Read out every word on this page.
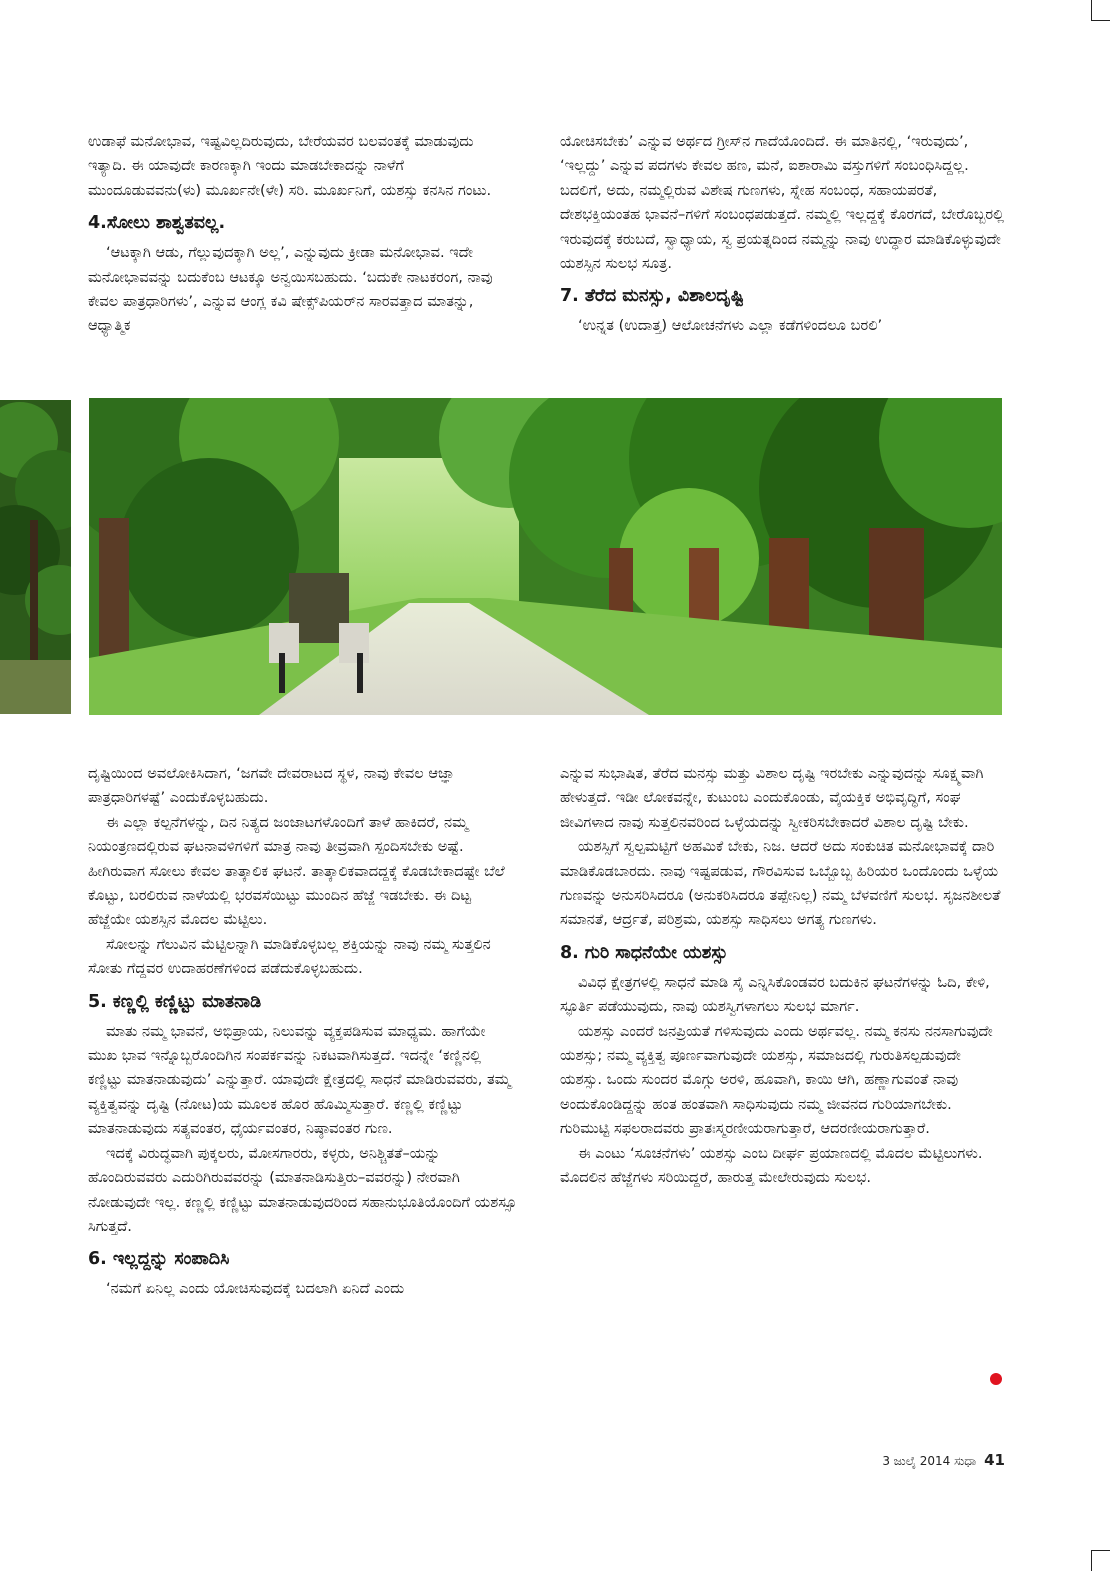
ಉಡಾಫೆ ಮನೋಭಾವ, ಇಷ್ಟವಿಲ್ಲದಿರುವುದು, ಬೇರೆಯವರ ಬಲವಂತಕ್ಕೆ ಮಾಡುವುದು ಇತ್ಯಾದಿ. ಈ ಯಾವುದೇ ಕಾರಣಕ್ಕಾಗಿ ಇಂದು ಮಾಡಬೇಕಾದನ್ನು ನಾಳೆಗೆ ಮುಂದೂಡುವವನು(ಳು) ಮೂರ್ಖನೇ(ಳೇ) ಸರಿ. ಮೂರ್ಖನಿಗೆ, ಯಶಸ್ಸು ಕನಸಿನ ಗಂಟು.

4.ಸೋಲು ಶಾಶ್ವತವಲ್ಲ.

‘ಆಟಕ್ಕಾಗಿ ಆಡು, ಗೆಲ್ಲುವುದಕ್ಕಾಗಿ ಅಲ್ಲ’, ಎನ್ನುವುದು ಕ್ರೀಡಾ ಮನೋಭಾವ. ಇದೇ ಮನೋಭಾವವನ್ನು ಬದುಕೆಂಬ ಆಟಕ್ಕೂ ಅನ್ವಯಿಸಬಹುದು. ‘ಬದುಕೇ ನಾಟಕರಂಗ, ನಾವು ಕೇವಲ ಪಾತ್ರಧಾರಿಗಳು’, ಎನ್ನುವ ಆಂಗ್ಲ ಕವಿ ಷೇಕ್ಸ್‌ಪಿಯರ್‌ನ ಸಾರವತ್ತಾದ ಮಾತನ್ನು, ಆಧ್ಯಾತ್ಮಿಕ

ಯೋಚಿಸಬೇಕು’ ಎನ್ನುವ ಅರ್ಥದ ಗ್ರೀಸ್‌ನ ಗಾದೆಯೊಂದಿದೆ. ಈ ಮಾತಿನಲ್ಲಿ, ‘ಇರುವುದು’, ‘ಇಲ್ಲದ್ದು’ ಎನ್ನುವ ಪದಗಳು ಕೇವಲ ಹಣ, ಮನೆ, ಐಶಾರಾಮಿ ವಸ್ತುಗಳಿಗೆ ಸಂಬಂಧಿಸಿದ್ದಲ್ಲ. ಬದಲಿಗೆ, ಅದು, ನಮ್ಮಲ್ಲಿರುವ ವಿಶೇಷ ಗುಣಗಳು, ಸ್ನೇಹ ಸಂಬಂಧ, ಸಹಾಯಪರತೆ, ದೇಶಭಕ್ತಿಯಂತಹ ಭಾವನೆ–ಗಳಿಗೆ ಸಂಬಂಧಪಡುತ್ತದೆ. ನಮ್ಮಲ್ಲಿ ಇಲ್ಲದ್ದಕ್ಕೆ ಕೊರಗದೆ, ಬೇರೊಬ್ಬರಲ್ಲಿ ಇರುವುದಕ್ಕೆ ಕರುಬದೆ, ಸ್ವಾಧ್ಯಾಯ, ಸ್ವ ಪ್ರಯತ್ನದಿಂದ ನಮ್ಮನ್ನು ನಾವು ಉದ್ಧಾರ ಮಾಡಿಕೊಳ್ಳುವುದೇ ಯಶಸ್ಸಿನ ಸುಲಭ ಸೂತ್ರ.

7. ತೆರೆದ ಮನಸ್ಸು, ವಿಶಾಲದೃಷ್ಟಿ

‘ಉನ್ನತ (ಉದಾತ್ತ) ಆಲೋಚನೆಗಳು ಎಲ್ಲಾ ಕಡೆಗಳಿಂದಲೂ ಬರಲಿ’

ದೃಷ್ಟಿಯಿಂದ ಅವಲೋಕಿಸಿದಾಗ, ‘ಜಗವೇ ದೇವರಾಟದ ಸ್ಥಳ, ನಾವು ಕೇವಲ ಆಜ್ಞಾ ಪಾತ್ರಧಾರಿಗಳಷ್ಟೆ’ ಎಂದುಕೊಳ್ಳಬಹುದು.

ಈ ಎಲ್ಲಾ ಕಲ್ಪನೆಗಳನ್ನು, ದಿನ ನಿತ್ಯದ ಜಂಜಾಟಗಳೊಂದಿಗೆ ತಾಳೆ ಹಾಕಿದರೆ, ನಮ್ಮ ನಿಯಂತ್ರಣದಲ್ಲಿರುವ ಘಟನಾವಳಿಗಳಿಗೆ ಮಾತ್ರ ನಾವು ತೀವ್ರವಾಗಿ ಸ್ಪಂದಿಸಬೇಕು ಅಷ್ಟೆ. ಹೀಗಿರುವಾಗ ಸೋಲು ಕೇವಲ ತಾತ್ಕಾಲಿಕ ಘಟನೆ. ತಾತ್ಕಾಲಿಕವಾದದ್ದಕ್ಕೆ ಕೊಡಬೇಕಾದಷ್ಟೇ ಬೆಲೆ ಕೊಟ್ಟು, ಬರಲಿರುವ ನಾಳೆಯಲ್ಲಿ ಭರವಸೆಯಿಟ್ಟು ಮುಂದಿನ ಹೆಜ್ಜೆ ಇಡಬೇಕು. ಈ ದಿಟ್ಟ ಹೆಜ್ಜೆಯೇ ಯಶಸ್ಸಿನ ಮೊದಲ ಮೆಟ್ಟಿಲು.

ಸೋಲನ್ನು ಗೆಲುವಿನ ಮೆಟ್ಟಿಲನ್ನಾಗಿ ಮಾಡಿಕೊಳ್ಳಬಲ್ಲ ಶಕ್ತಿಯನ್ನು ನಾವು ನಮ್ಮ ಸುತ್ತಲಿನ ಸೋತು ಗೆದ್ದವರ ಉದಾಹರಣೆಗಳಿಂದ ಪಡೆದುಕೊಳ್ಳಬಹುದು.

5. ಕಣ್ಣಲ್ಲಿ ಕಣ್ಣಿಟ್ಟು ಮಾತನಾಡಿ

ಮಾತು ನಮ್ಮ ಭಾವನೆ, ಅಭಿಪ್ರಾಯ, ನಿಲುವನ್ನು ವ್ಯಕ್ತಪಡಿಸುವ ಮಾಧ್ಯಮ. ಹಾಗೆಯೇ ಮುಖ ಭಾವ ಇನ್ನೊಬ್ಬರೊಂದಿಗಿನ ಸಂಪರ್ಕವನ್ನು ನಿಕಟವಾಗಿಸುತ್ತದೆ. ಇದನ್ನೇ ‘ಕಣ್ಣಿನಲ್ಲಿ ಕಣ್ಣಿಟ್ಟು ಮಾತನಾಡುವುದು’ ಎನ್ನುತ್ತಾರೆ. ಯಾವುದೇ ಕ್ಷೇತ್ರದಲ್ಲಿ ಸಾಧನೆ ಮಾಡಿರುವವರು, ತಮ್ಮ ವ್ಯಕ್ತಿತ್ವವನ್ನು ದೃಷ್ಟಿ (ನೋಟ)ಯ ಮೂಲಕ ಹೊರ ಹೊಮ್ಮಿಸುತ್ತಾರೆ. ಕಣ್ಣಲ್ಲಿ ಕಣ್ಣಿಟ್ಟು ಮಾತನಾಡುವುದು ಸತ್ಯವಂತರ, ಧೈರ್ಯವಂತರ, ನಿಷ್ಠಾವಂತರ ಗುಣ.

ಇದಕ್ಕೆ ವಿರುದ್ಧವಾಗಿ ಪುಕ್ಕಲರು, ಮೋಸಗಾರರು, ಕಳ್ಳರು, ಅನಿಶ್ಚಿತತೆ–ಯನ್ನು ಹೊಂದಿರುವವರು ಎದುರಿಗಿರುವವರನ್ನು (ಮಾತನಾಡಿಸುತ್ತಿರು–ವವರನ್ನು) ನೇರವಾಗಿ ನೋಡುವುದೇ ಇಲ್ಲ. ಕಣ್ಣಲ್ಲಿ ಕಣ್ಣಿಟ್ಟು ಮಾತನಾಡುವುದರಿಂದ ಸಹಾನುಭೂತಿಯೊಂದಿಗೆ ಯಶಸ್ಸೂ ಸಿಗುತ್ತದೆ.

6. ಇಲ್ಲದ್ದನ್ನು ಸಂಪಾದಿಸಿ

‘ನಮಗೆ ಏನಿಲ್ಲ ಎಂದು ಯೋಚಿಸುವುದಕ್ಕೆ ಬದಲಾಗಿ ಏನಿದೆ ಎಂದು

ಎನ್ನುವ ಸುಭಾಷಿತ, ತೆರೆದ ಮನಸ್ಸು ಮತ್ತು ವಿಶಾಲ ದೃಷ್ಟಿ ಇರಬೇಕು ಎನ್ನುವುದನ್ನು ಸೂಕ್ಷ್ಮವಾಗಿ ಹೇಳುತ್ತದೆ. ಇಡೀ ಲೋಕವನ್ನೇ, ಕುಟುಂಬ ಎಂದುಕೊಂಡು, ವೈಯಕ್ತಿಕ ಅಭಿವೃದ್ಧಿಗೆ, ಸಂಘ ಜೀವಿಗಳಾದ ನಾವು ಸುತ್ತಲಿನವರಿಂದ ಒಳ್ಳೆಯದನ್ನು ಸ್ವೀಕರಿಸಬೇಕಾದರೆ ವಿಶಾಲ ದೃಷ್ಟಿ ಬೇಕು.

ಯಶಸ್ಸಿಗೆ ಸ್ವಲ್ಪಮಟ್ಟಿಗೆ ಅಹಮಿಕೆ ಬೇಕು, ನಿಜ. ಆದರೆ ಅದು ಸಂಕುಚಿತ ಮನೋಭಾವಕ್ಕೆ ದಾರಿ ಮಾಡಿಕೊಡಬಾರದು. ನಾವು ಇಷ್ಟಪಡುವ, ಗೌರವಿಸುವ ಒಬ್ಬೊಬ್ಬ ಹಿರಿಯರ ಒಂದೊಂದು ಒಳ್ಳೆಯ ಗುಣವನ್ನು ಅನುಸರಿಸಿದರೂ (ಅನುಕರಿಸಿದರೂ ತಪ್ಪೇನಿಲ್ಲ) ನಮ್ಮ ಬೆಳವಣಿಗೆ ಸುಲಭ. ಸೃಜನಶೀಲತೆ ಸಮಾನತೆ, ಆರ್ದ್ರತೆ, ಪರಿಶ್ರಮ, ಯಶಸ್ಸು ಸಾಧಿಸಲು ಅಗತ್ಯ ಗುಣಗಳು.

8. ಗುರಿ ಸಾಧನೆಯೇ ಯಶಸ್ಸು

ವಿವಿಧ ಕ್ಷೇತ್ರಗಳಲ್ಲಿ ಸಾಧನೆ ಮಾಡಿ ಸೈ ಎನ್ನಿಸಿಕೊಂಡವರ ಬದುಕಿನ ಘಟನೆಗಳನ್ನು ಓದಿ, ಕೇಳಿ, ಸ್ಫೂರ್ತಿ ಪಡೆಯುವುದು, ನಾವು ಯಶಸ್ವಿಗಳಾಗಲು ಸುಲಭ ಮಾರ್ಗ.

ಯಶಸ್ಸು ಎಂದರೆ ಜನಪ್ರಿಯತೆ ಗಳಿಸುವುದು ಎಂದು ಅರ್ಥವಲ್ಲ. ನಮ್ಮ ಕನಸು ನನಸಾಗುವುದೇ ಯಶಸ್ಸು; ನಮ್ಮ ವ್ಯಕ್ತಿತ್ವ ಪೂರ್ಣವಾಗುವುದೇ ಯಶಸ್ಸು, ಸಮಾಜದಲ್ಲಿ ಗುರುತಿಸಲ್ಪಡುವುದೇ ಯಶಸ್ಸು. ಒಂದು ಸುಂದರ ಮೊಗ್ಗು ಅರಳಿ, ಹೂವಾಗಿ, ಕಾಯಿ ಆಗಿ, ಹಣ್ಣಾಗುವಂತೆ ನಾವು ಅಂದುಕೊಂಡಿದ್ದನ್ನು ಹಂತ ಹಂತವಾಗಿ ಸಾಧಿಸುವುದು ನಮ್ಮ ಜೀವನದ ಗುರಿಯಾಗಬೇಕು. ಗುರಿಮುಟ್ಟಿ ಸಫಲರಾದವರು ಪ್ರಾತಃಸ್ಮರಣೀಯರಾಗುತ್ತಾರೆ, ಆದರಣೀಯರಾಗುತ್ತಾರೆ.

ಈ ಎಂಟು ‘ಸೂಚನೆಗಳು’ ಯಶಸ್ಸು ಎಂಬ ದೀರ್ಘ ಪ್ರಯಾಣದಲ್ಲಿ ಮೊದಲ ಮೆಟ್ಟಿಲುಗಳು. ಮೊದಲಿನ ಹೆಜ್ಜೆಗಳು ಸರಿಯಿದ್ದರೆ, ಹಾರುತ್ತ ಮೇಲೇರುವುದು ಸುಲಭ.

3 ಜುಲೈ 2014 ಸುಧಾ 41
